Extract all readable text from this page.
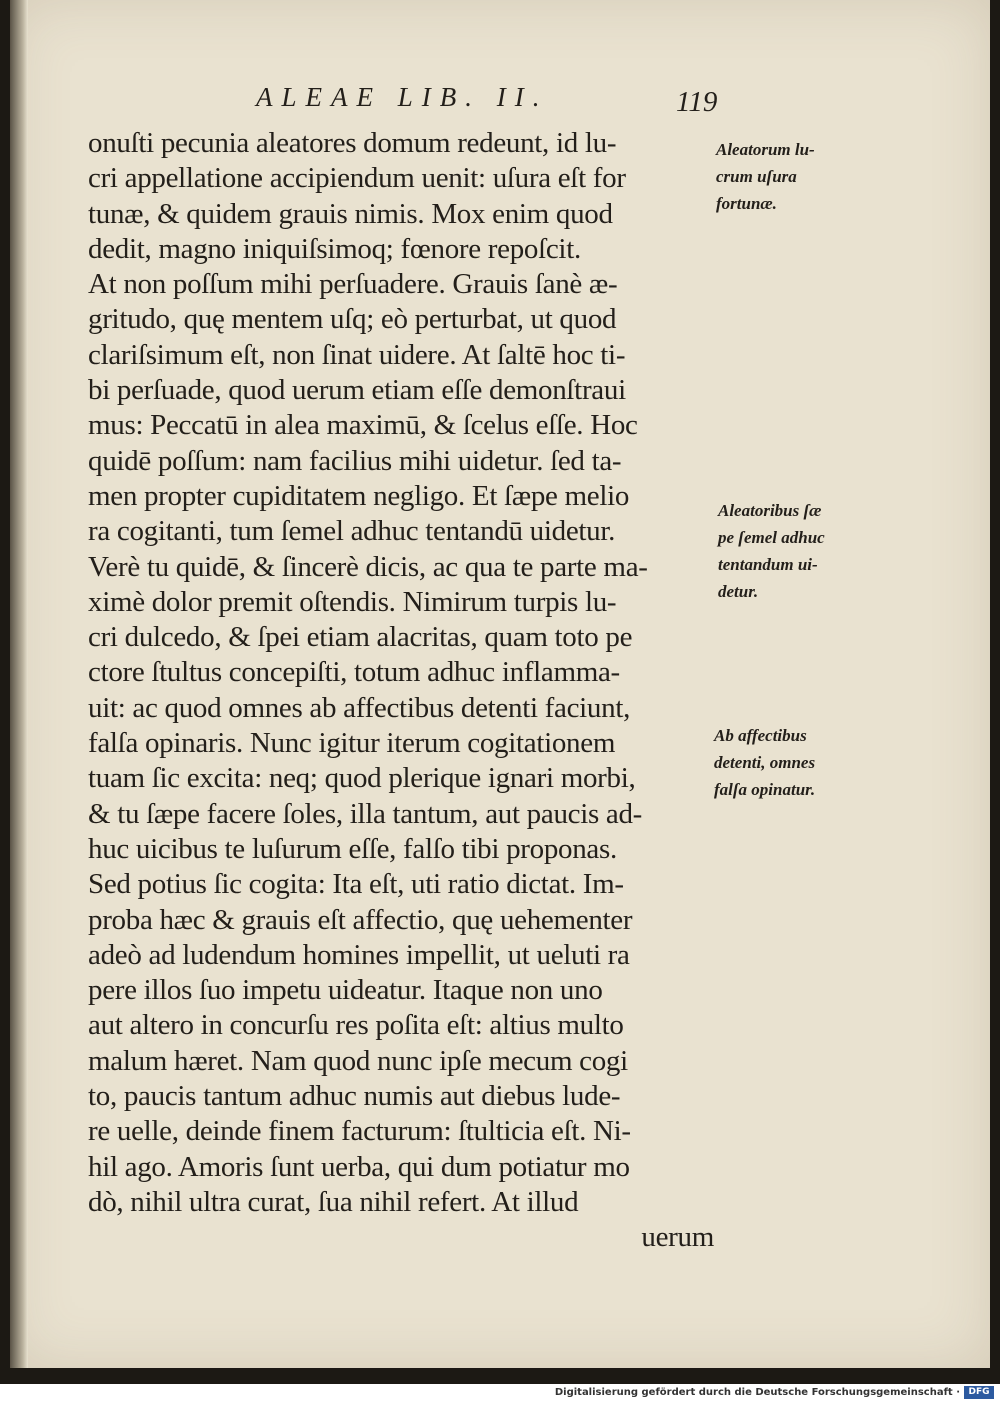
ALEAE LIB. II.	119
onuſti pecunia aleatores domum redeunt, id lu-
cri appellatione accipiendum uenit: uſura eſt for
tunæ, & quidem grauis nimis. Mox enim quod
dedit, magno iniquiſsimoq; fœnore repoſcit.
At non poſſum mihi perſuadere. Grauis ſanè æ-
gritudo, quę mentem uſq; eò perturbat, ut quod
clariſsimum eſt, non ſinat uidere. At ſaltē hoc ti-
bi perſuade, quod uerum etiam eſſe demonſtraui
mus: Peccatū in alea maximū, & ſcelus eſſe. Hoc
quidē poſſum: nam facilius mihi uidetur. ſed ta-
men propter cupiditatem negligo. Et ſæpe melio
ra cogitanti, tum ſemel adhuc tentandū uidetur.
Verè tu quidē, & ſincerè dicis, ac qua te parte ma-
ximè dolor premit oſtendis. Nimirum turpis lu-
cri dulcedo, & ſpei etiam alacritas, quam toto pe
ctore ſtultus concepiſti, totum adhuc inflamma-
uit: ac quod omnes ab affectibus detenti faciunt,
falſa opinaris. Nunc igitur iterum cogitationem
tuam ſic excita: neq; quod plerique ignari morbi,
& tu ſæpe facere ſoles, illa tantum, aut paucis ad-
huc uicibus te luſurum eſſe, falſo tibi proponas.
Sed potius ſic cogita: Ita eſt, uti ratio dictat. Im-
proba hæc & grauis eſt affectio, quę uehementer
adeò ad ludendum homines impellit, ut ueluti ra
pere illos ſuo impetu uideatur. Itaque non uno
aut altero in concurſu res poſita eſt: altius multo
malum hæret. Nam quod nunc ipſe mecum cogi
to, paucis tantum adhuc numis aut diebus lude-
re uelle, deinde finem facturum: ſtulticia eſt. Ni-
hil ago. Amoris ſunt uerba, qui dum potiatur mo
dò, nihil ultra curat, ſua nihil refert. At illud
uerum
Aleatorum lu-
crum uſura
fortunæ.
Aleatoribus ſæ
pe ſemel adhuc
tentandum ui-
detur.
Ab affectibus
detenti, omnes
falſa opinatur.
Digitalisierung gefördert durch die Deutsche Forschungsgemeinschaft · DFG
